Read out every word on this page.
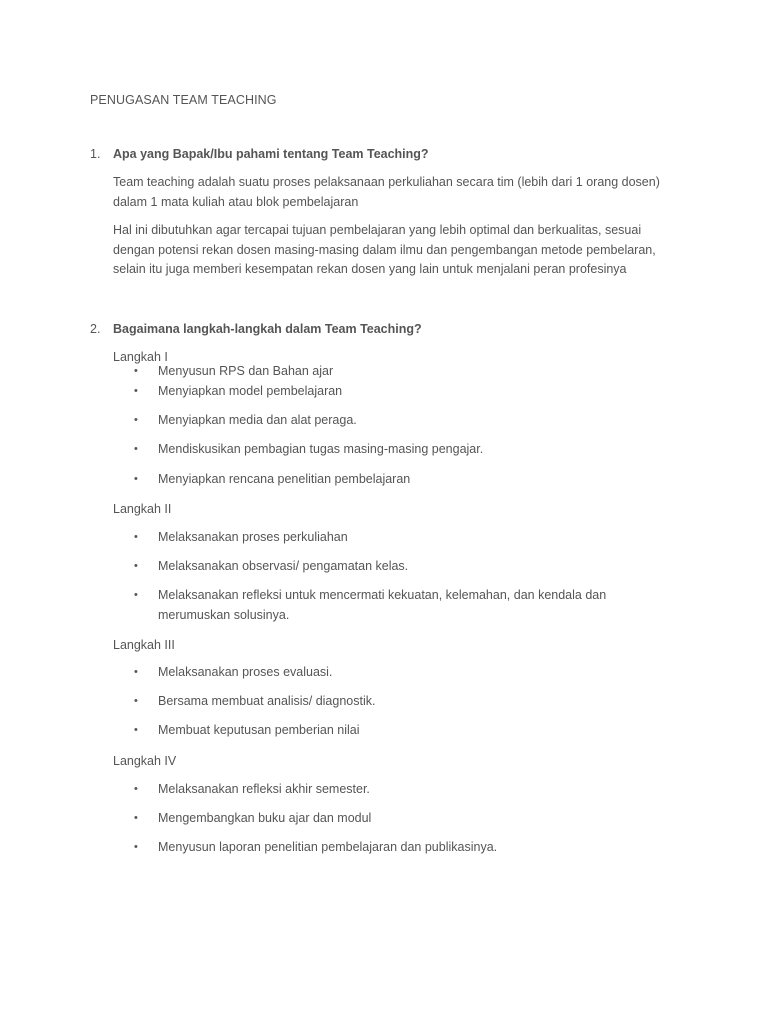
PENUGASAN TEAM TEACHING
1. Apa yang Bapak/Ibu pahami tentang Team Teaching?
Team teaching adalah suatu proses pelaksanaan perkuliahan secara tim (lebih dari 1 orang dosen)
dalam 1 mata kuliah atau blok pembelajaran
Hal ini dibutuhkan agar tercapai tujuan pembelajaran yang lebih optimal dan berkualitas, sesuai
dengan potensi rekan dosen masing-masing dalam ilmu dan pengembangan metode pembelaran,
selain itu juga memberi kesempatan rekan dosen yang lain untuk menjalani peran profesinya
2. Bagaimana langkah-langkah dalam Team Teaching?
Langkah I
•	Menyusun RPS dan Bahan ajar
•	Menyiapkan model pembelajaran
•	Menyiapkan media dan alat peraga.
•	Mendiskusikan pembagian tugas masing-masing pengajar.
•	Menyiapkan rencana penelitian pembelajaran
Langkah II
•	Melaksanakan proses perkuliahan
•	Melaksanakan observasi/ pengamatan kelas.
•	Melaksanakan refleksi untuk mencermati kekuatan, kelemahan, dan kendala dan
merumuskan solusinya.
Langkah III
•	Melaksanakan proses evaluasi.
•	Bersama membuat analisis/ diagnostik.
•	Membuat keputusan pemberian nilai
Langkah IV
•	Melaksanakan refleksi akhir semester.
•	Mengembangkan buku ajar dan modul
•	Menyusun laporan penelitian pembelajaran dan publikasinya.
